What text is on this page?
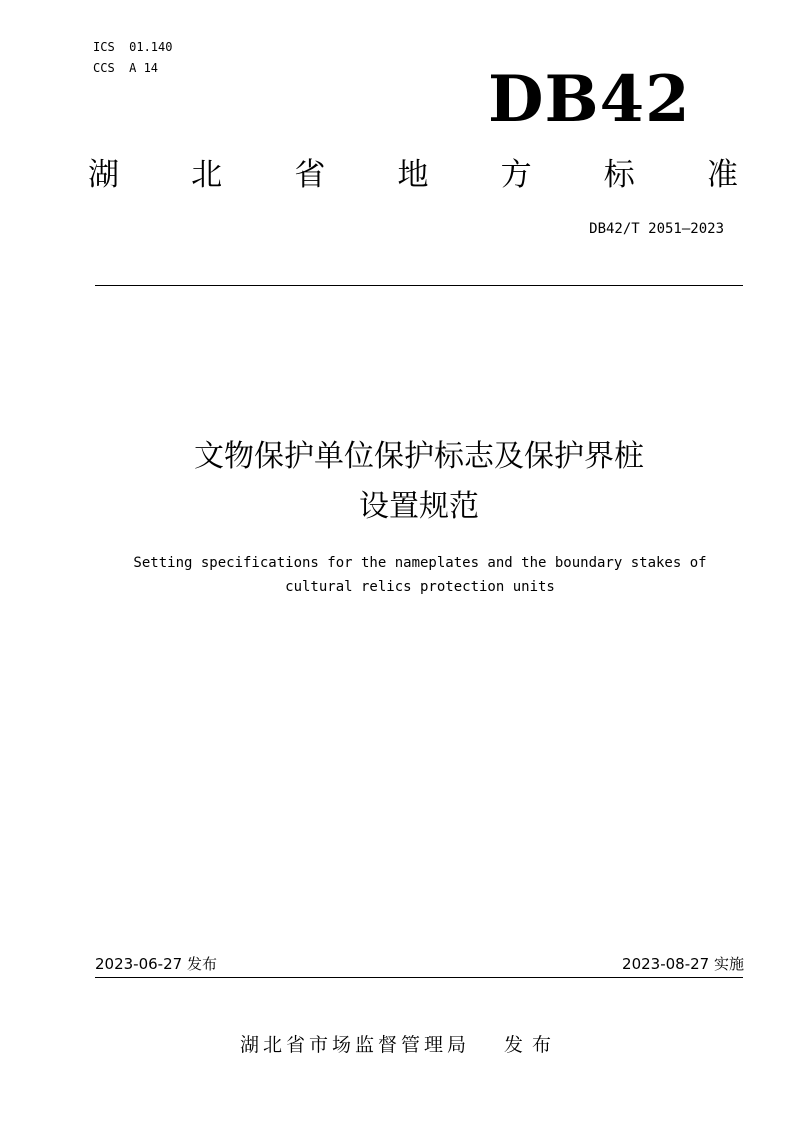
ICS  01.140
CCS  A 14	DB42
湖 北 省 地 方 标 准
DB42/T 2051—2023
文物保护单位保护标志及保护界桩
设置规范
Setting specifications for the nameplates and the boundary stakes of
cultural relics protection units
2023-06-27 发布	2023-08-27 实施
湖北省市场监督管理局 发布
